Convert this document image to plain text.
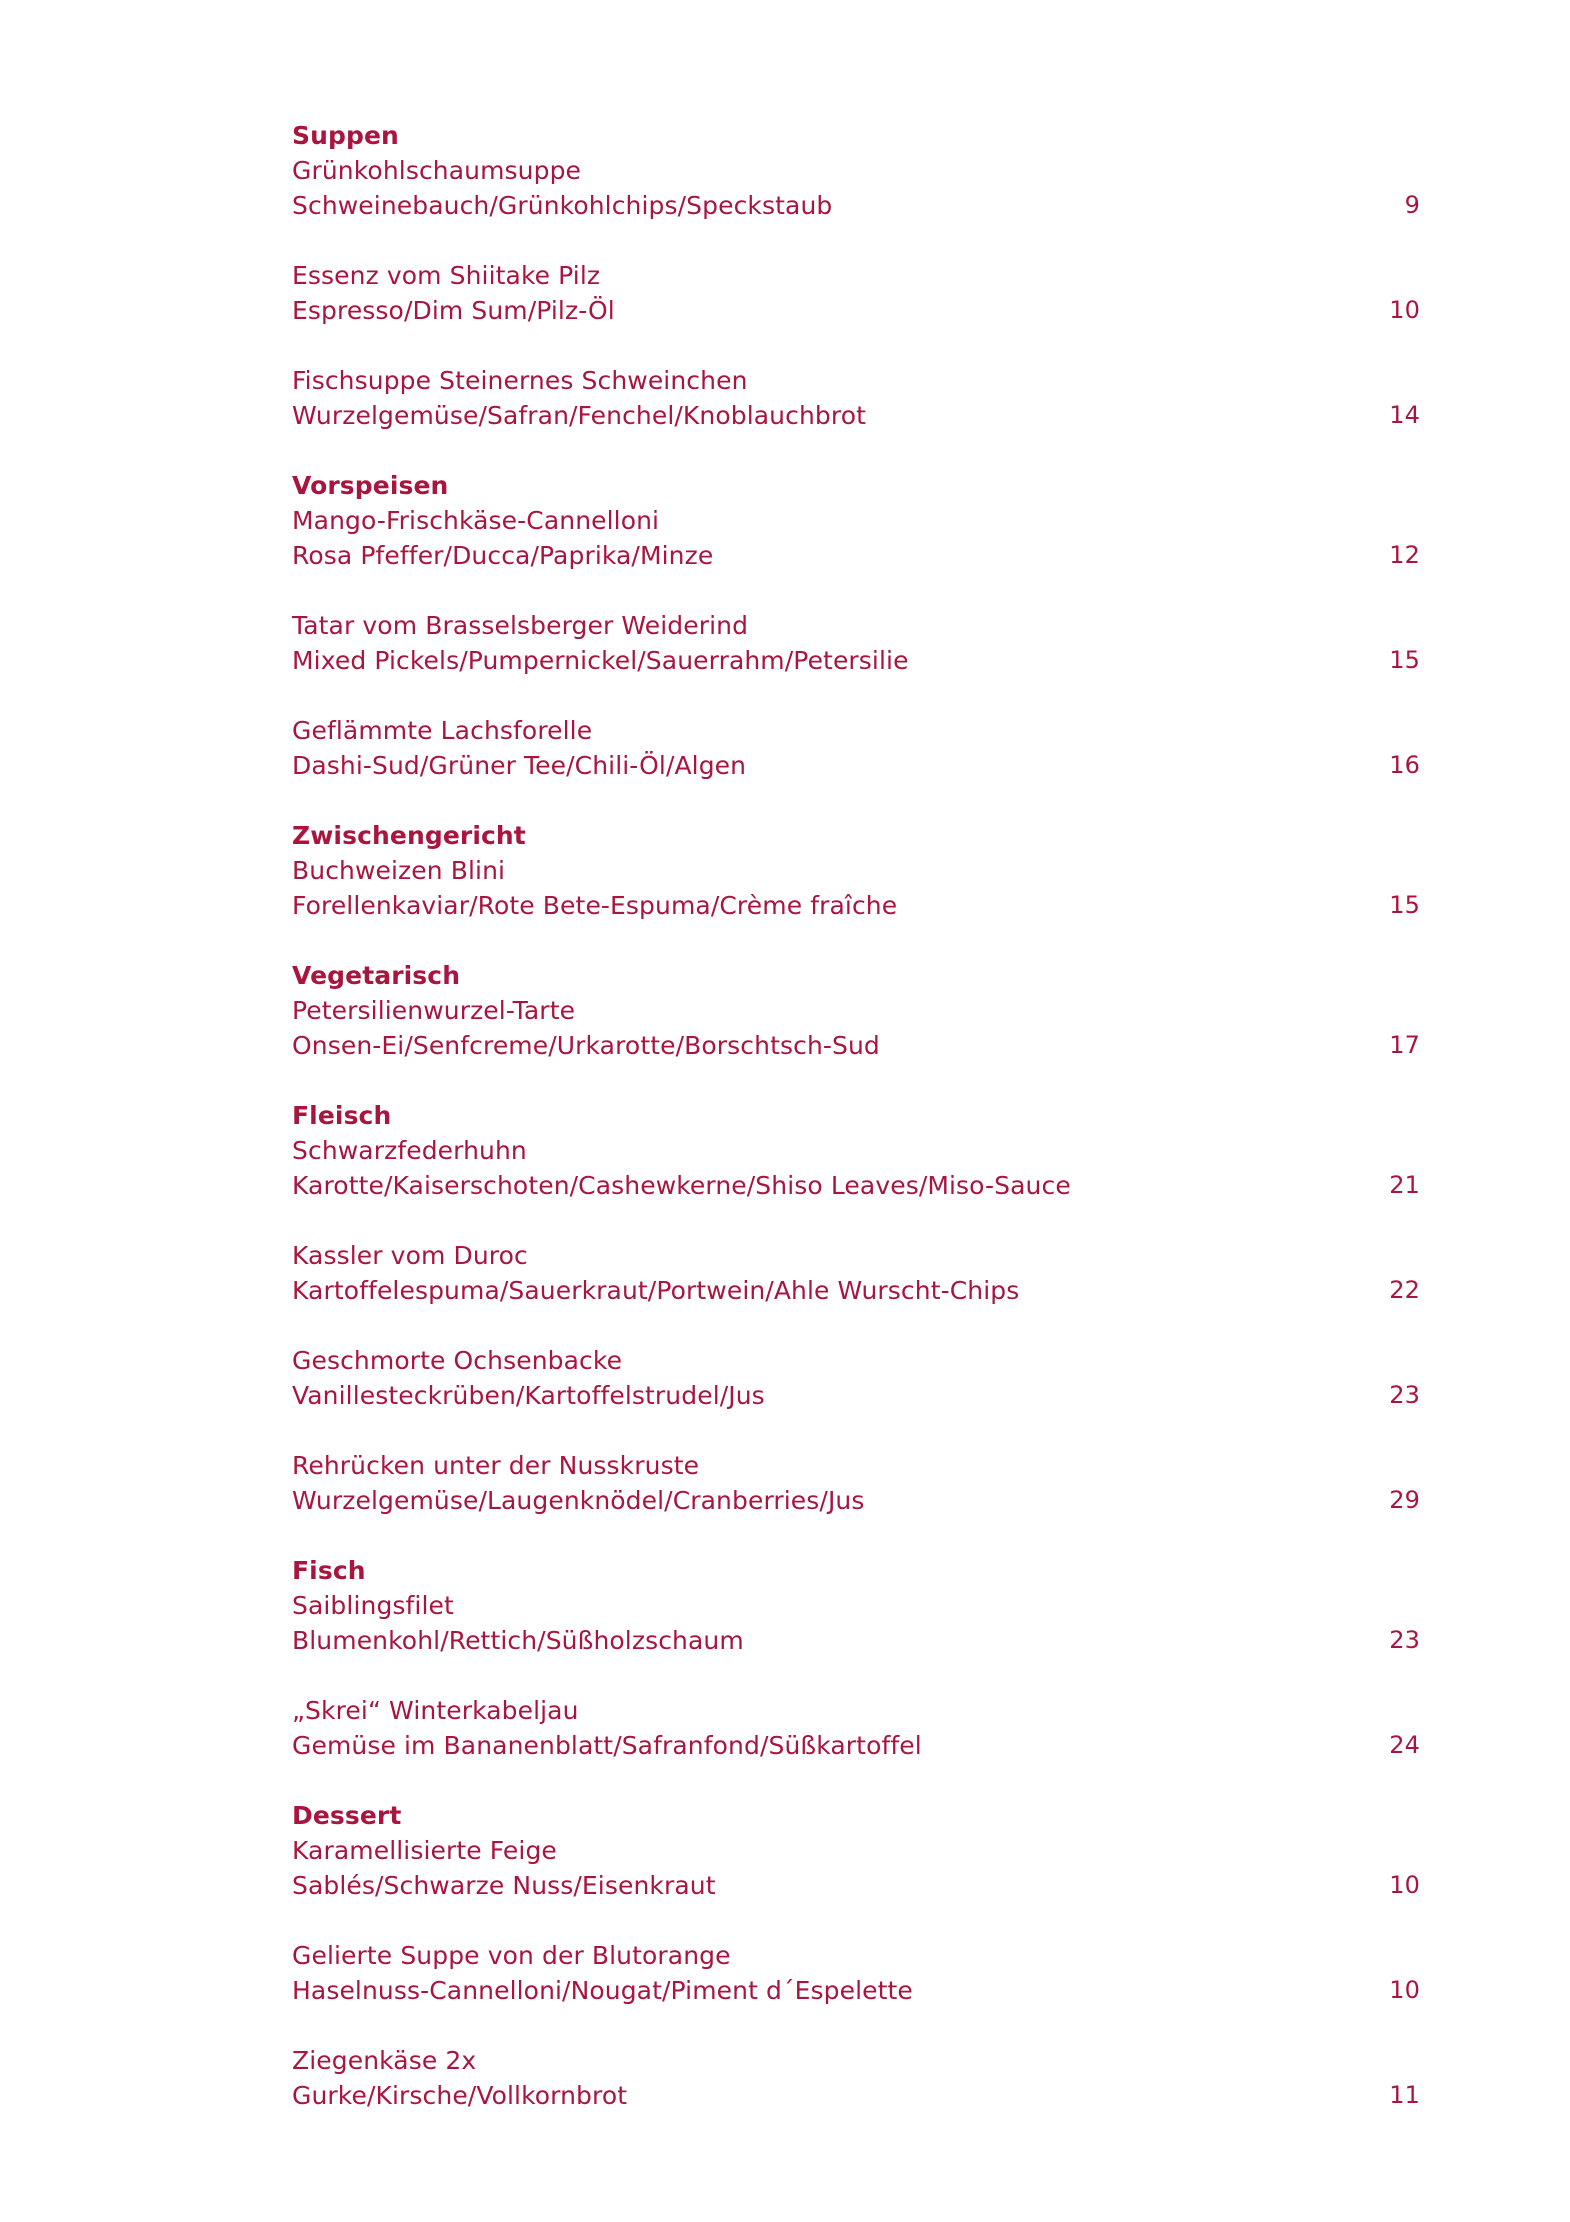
Suppen
Grünkohlschaumsuppe
Schweinebauch/Grünkohlchips/Speckstaub	9
Essenz vom Shiitake Pilz
Espresso/Dim Sum/Pilz-Öl	10
Fischsuppe Steinernes Schweinchen
Wurzelgemüse/Safran/Fenchel/Knoblauchbrot	14
Vorspeisen
Mango-Frischkäse-Cannelloni
Rosa Pfeffer/Ducca/Paprika/Minze	12
Tatar vom Brasselsberger Weiderind
Mixed Pickels/Pumpernickel/Sauerrahm/Petersilie	15
Geflämmte Lachsforelle
Dashi-Sud/Grüner Tee/Chili-Öl/Algen	16
Zwischengericht
Buchweizen Blini
Forellenkaviar/Rote Bete-Espuma/Crème fraîche	15
Vegetarisch
Petersilienwurzel-Tarte
Onsen-Ei/Senfcreme/Urkarotte/Borschtsch-Sud	17
Fleisch
Schwarzfederhuhn
Karotte/Kaiserschoten/Cashewkerne/Shiso Leaves/Miso-Sauce	21
Kassler vom Duroc
Kartoffelespuma/Sauerkraut/Portwein/Ahle Wurscht-Chips	22
Geschmorte Ochsenbacke
Vanillesteckrüben/Kartoffelstrudel/Jus	23
Rehrücken unter der Nusskruste
Wurzelgemüse/Laugenknödel/Cranberries/Jus	29
Fisch
Saiblingsfilet
Blumenkohl/Rettich/Süßholzschaum	23
„Skrei“ Winterkabeljau
Gemüse im Bananenblatt/Safranfond/Süßkartoffel	24
Dessert
Karamellisierte Feige
Sablés/Schwarze Nuss/Eisenkraut	10
Gelierte Suppe von der Blutorange
Haselnuss-Cannelloni/Nougat/Piment d´Espelette	10
Ziegenkäse 2x
Gurke/Kirsche/Vollkornbrot	11
